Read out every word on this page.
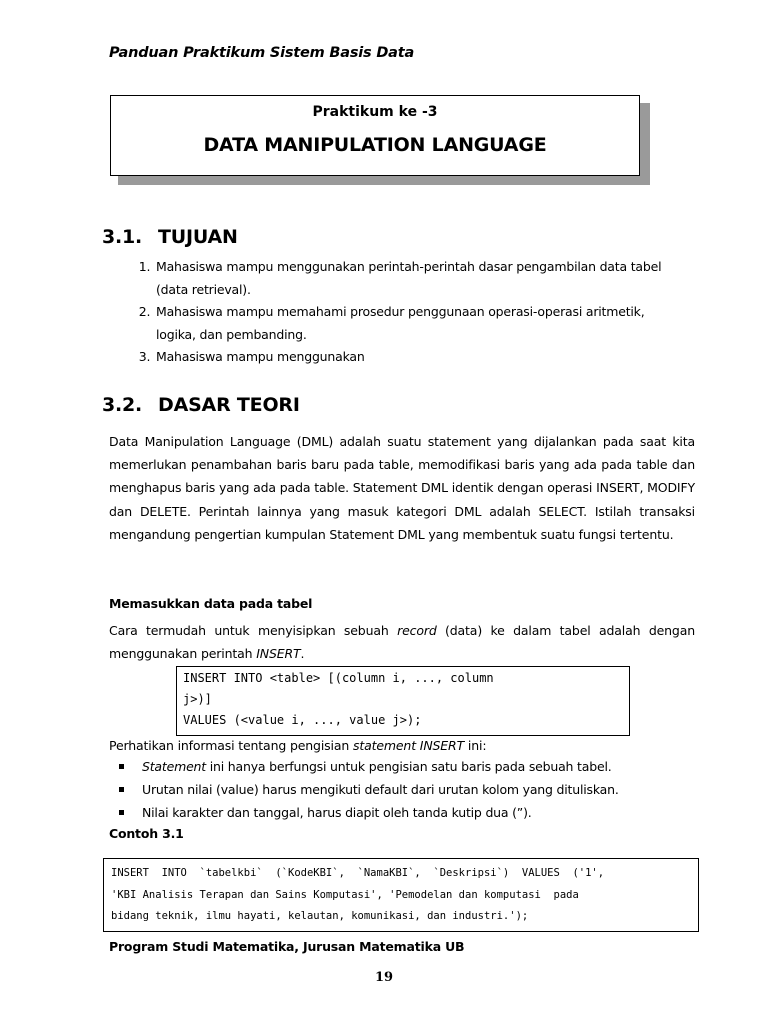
Panduan Praktikum Sistem Basis Data
Praktikum ke -3
DATA MANIPULATION LANGUAGE
3.1. TUJUAN
1. Mahasiswa mampu menggunakan perintah-perintah dasar pengambilan data tabel
(data retrieval).
2. Mahasiswa mampu memahami prosedur penggunaan operasi-operasi aritmetik,
logika, dan pembanding.
3. Mahasiswa mampu menggunakan
3.2. DASAR TEORI
Data Manipulation Language (DML) adalah suatu statement yang dijalankan pada saat kita memerlukan penambahan baris baru pada table, memodifikasi baris yang ada pada table dan menghapus baris yang ada pada table. Statement DML identik dengan operasi INSERT, MODIFY dan DELETE. Perintah lainnya yang masuk kategori DML adalah SELECT. Istilah transaksi mengandung pengertian kumpulan Statement DML yang membentuk suatu fungsi tertentu.
Memasukkan data pada tabel
Cara termudah untuk menyisipkan sebuah record (data) ke dalam tabel adalah dengan menggunakan perintah INSERT.
INSERT INTO <table> [(column i, ..., column
j>)]
VALUES (<value i, ..., value j>);
Perhatikan informasi tentang pengisian statement INSERT ini:
Statement ini hanya berfungsi untuk pengisian satu baris pada sebuah tabel.
Urutan nilai (value) harus mengikuti default dari urutan kolom yang dituliskan.
Nilai karakter dan tanggal, harus diapit oleh tanda kutip dua (”).
Contoh 3.1
INSERT  INTO  `tabelkbi`  (`KodeKBI`,  `NamaKBI`,  `Deskripsi`)  VALUES  ('1',
'KBI Analisis Terapan dan Sains Komputasi', 'Pemodelan dan komputasi  pada
bidang teknik, ilmu hayati, kelautan, komunikasi, dan industri.');
Program Studi Matematika, Jurusan Matematika UB
19
